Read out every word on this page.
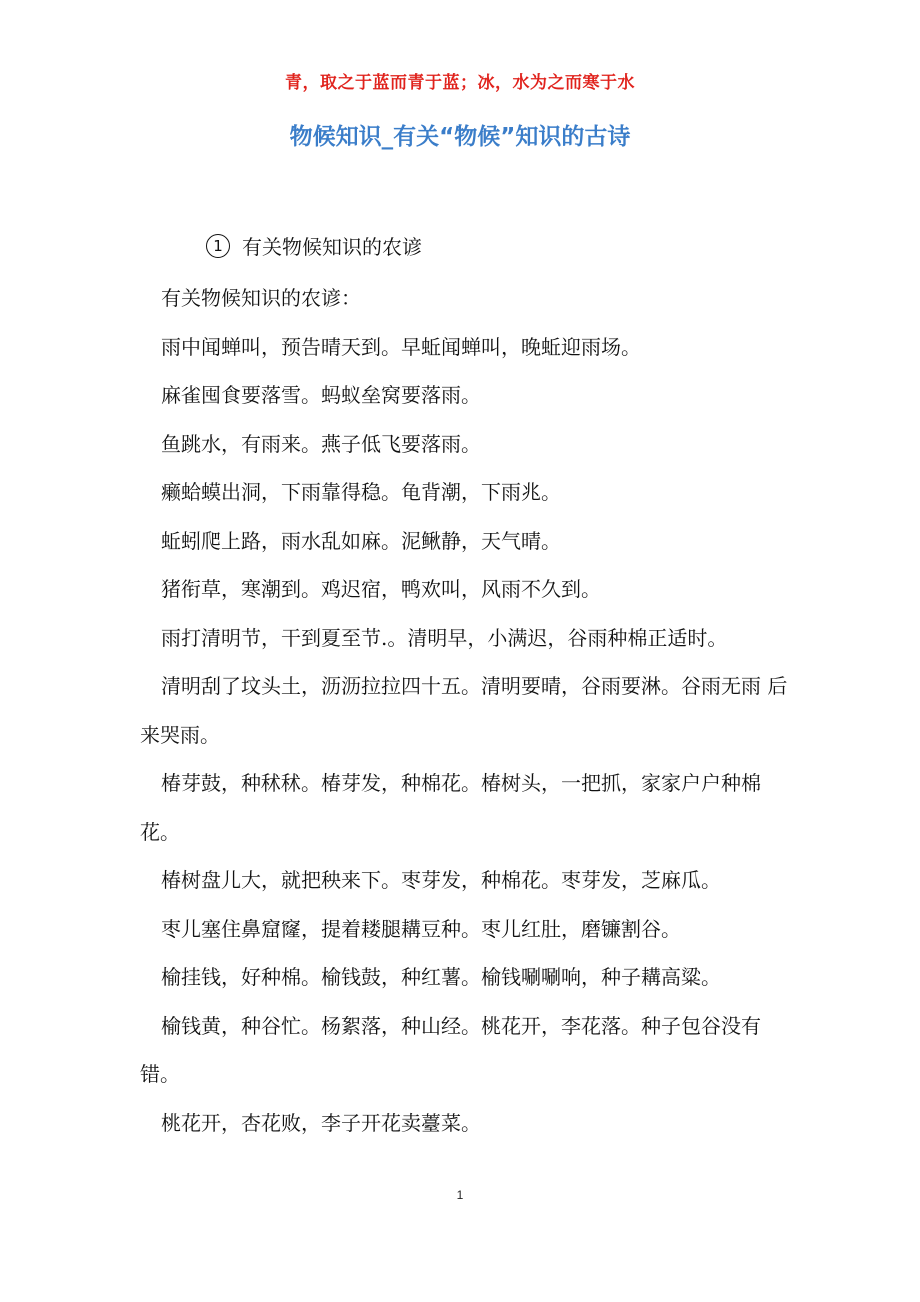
青，取之于蓝而青于蓝；冰，水为之而寒于水
物候知识_有关“物候”知识的古诗
1 有关物候知识的农谚

有关物候知识的农谚：

雨中闻蝉叫，预告晴天到。早蚯闻蝉叫，晚蚯迎雨场。

麻雀囤食要落雪。蚂蚁垒窝要落雨。

鱼跳水，有雨来。燕子低飞要落雨。

癞蛤蟆出洞，下雨靠得稳。龟背潮，下雨兆。

蚯蚓爬上路，雨水乱如麻。泥鳅静，天气晴。

猪衔草，寒潮到。鸡迟宿，鸭欢叫，风雨不久到。

雨打清明节，干到夏至节.。清明早，小满迟，谷雨种棉正适时。

清明刮了坟头土，沥沥拉拉四十五。清明要晴，谷雨要淋。谷雨无雨 后来哭雨。

椿芽鼓，种秫秫。椿芽发，种棉花。椿树头，一把抓，家家户户种棉花。

椿树盘儿大，就把秧来下。枣芽发，种棉花。枣芽发，芝麻瓜。

枣儿塞住鼻窟窿，提着耧腿耩豆种。枣儿红肚，磨镰割谷。

榆挂钱，好种棉。榆钱鼓，种红薯。榆钱唰唰响，种子耩高粱。

榆钱黄，种谷忙。杨絮落，种山经。桃花开，李花落。种子包谷没有错。

桃花开，杏花败，李子开花卖薹菜。

1
